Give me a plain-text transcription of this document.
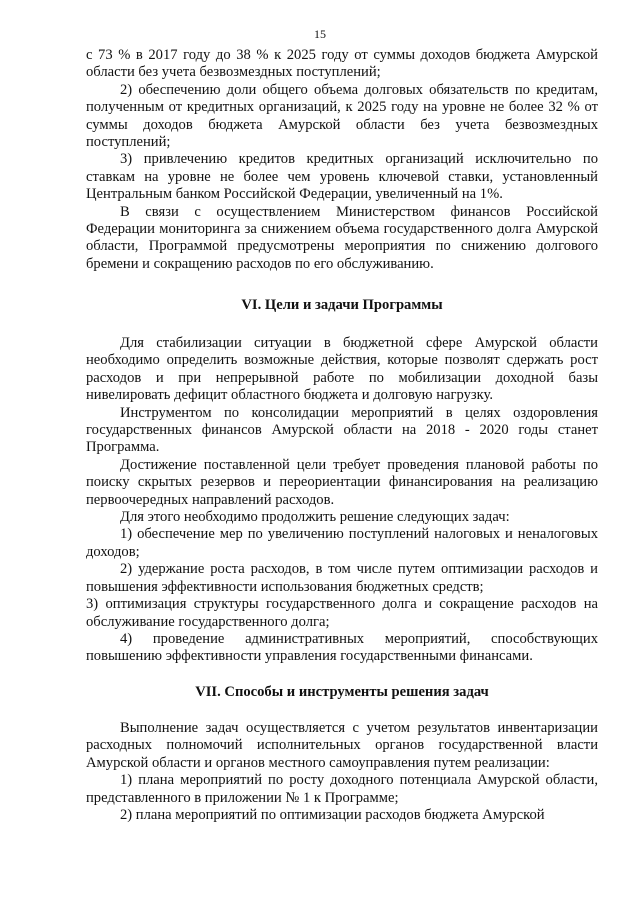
15

с 73 % в 2017 году до 38 % к 2025 году от суммы доходов бюджета Амурской области без учета безвозмездных поступлений;

2) обеспечению доли общего объема долговых обязательств по кредитам, полученным от кредитных организаций, к 2025 году на уровне не более 32 % от суммы доходов бюджета Амурской области без учета безвозмездных поступлений;

3) привлечению кредитов кредитных организаций исключительно по ставкам на уровне не более чем уровень ключевой ставки, установленный Центральным банком Российской Федерации, увеличенный на 1%.

В связи с осуществлением Министерством финансов Российской Федерации мониторинга за снижением объема государственного долга Амурской области, Программой предусмотрены мероприятия по снижению долгового бремени и сокращению расходов по его обслуживанию.

VI. Цели и задачи Программы

Для стабилизации ситуации в бюджетной сфере Амурской области необходимо определить возможные действия, которые позволят сдержать рост расходов и при непрерывной работе по мобилизации доходной базы нивелировать дефицит областного бюджета и долговую нагрузку.

Инструментом по консолидации мероприятий в целях оздоровления государственных финансов Амурской области на 2018 - 2020 годы станет Программа.

Достижение поставленной цели требует проведения плановой работы по поиску скрытых резервов и переориентации финансирования на реализацию первоочередных направлений расходов.

Для этого необходимо продолжить решение следующих задач:

1) обеспечение мер по увеличению поступлений налоговых и неналоговых доходов;

2) удержание роста расходов, в том числе путем оптимизации расходов и повышения эффективности использования бюджетных средств;

3) оптимизация структуры государственного долга и сокращение расходов на обслуживание государственного долга;

4) проведение административных мероприятий, способствующих повышению эффективности управления государственными финансами.

VII. Способы и инструменты решения задач

Выполнение задач осуществляется с учетом результатов инвентаризации расходных полномочий исполнительных органов государственной власти Амурской области и органов местного самоуправления путем реализации:

1) плана мероприятий по росту доходного потенциала Амурской области, представленного в приложении № 1 к Программе;

2) плана мероприятий по оптимизации расходов бюджета Амурской
